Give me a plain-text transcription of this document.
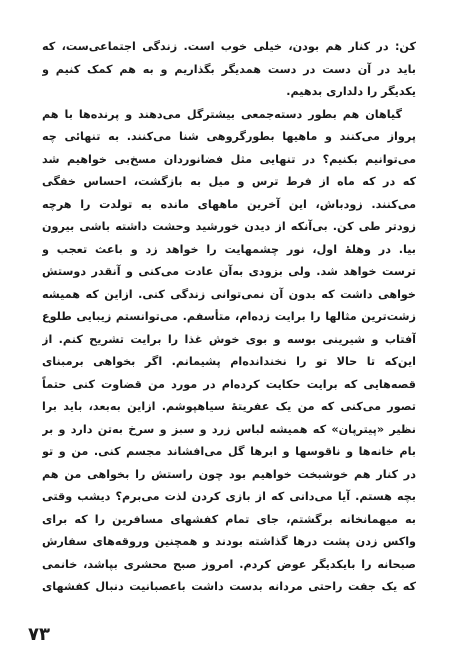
کن: در کنار هم بودن، خیلی خوب است. زندگی اجتماعی‌ست، که
باید در آن دست در دست همدیگر بگذاریم و به هم کمک کنیم و
یکدیگر را دلداری بدهیم.
گیاهان هم بطور دسته‌جمعی بیشترگل می‌دهند و پرنده‌ها با هم
پرواز می‌کنند و ماهیها بطورگروهی شنا می‌کنند. به تنهائی چه
می‌توانیم بکنیم؟ در تنهایی مثل فضانوردان مسخ‌بی خواهیم شد
که در که ماه از فرط ترس و میل به بازگشت، احساس خفگی
می‌کنند. زودباش، این آخرین ماههای مانده به تولدت را هرچه
زودتر طی کن. بی‌آنکه از دیدن خورشید وحشت داشته باشی بیرون
بیا. در وهلهٔ اول، نور چشمهایت را خواهد زد و باعث تعجب و
ترست خواهد شد. ولی بزودی به‌آن عادت می‌کنی و آنقدر دوستش
خواهی داشت که بدون آن نمی‌توانی زندگی کنی. ازاین که همیشه
زشت‌ترین مثالها را برایت زده‌ام، متأسفم. می‌توانستم زیبایی طلوع
آفتاب و شیرینی بوسه و بوی خوش غذا را برایت تشریح کنم. از
این‌که تا حالا تو را نخندانده‌ام پشیمانم. اگر بخواهی برمبنای
قصه‌هایی که برایت حکایت کرده‌ام در مورد من قضاوت کنی حتماً
تصور می‌کنی که من یک عفریتهٔ سیاهپوشم. ازاین به‌بعد، باید برا
نظیر «پیترپان» که همیشه لباس زرد و سبز و سرخ به‌تن دارد و بر
بام خانه‌ها و ناقوسها و ابرها گل می‌افشاند مجسم کنی. من و تو
در کنار هم خوشبخت خواهیم بود چون راستش را بخواهی من هم
بچه هستم. آیا می‌دانی که از بازی کردن لذت می‌برم؟ دیشب وقتی
به میهمانخانه برگشتم، جای تمام کفشهای مسافرین را که برای
واکس زدن پشت درها گذاشته بودند و همچنین وروقه‌های سفارش
صبحانه را بایکدیگر عوض کردم. امروز صبح محشری بپاشد، خانمی
که یک جفت راحتی مردانه بدست داشت باعصبانیت دنبال کفشهای
۷۳
